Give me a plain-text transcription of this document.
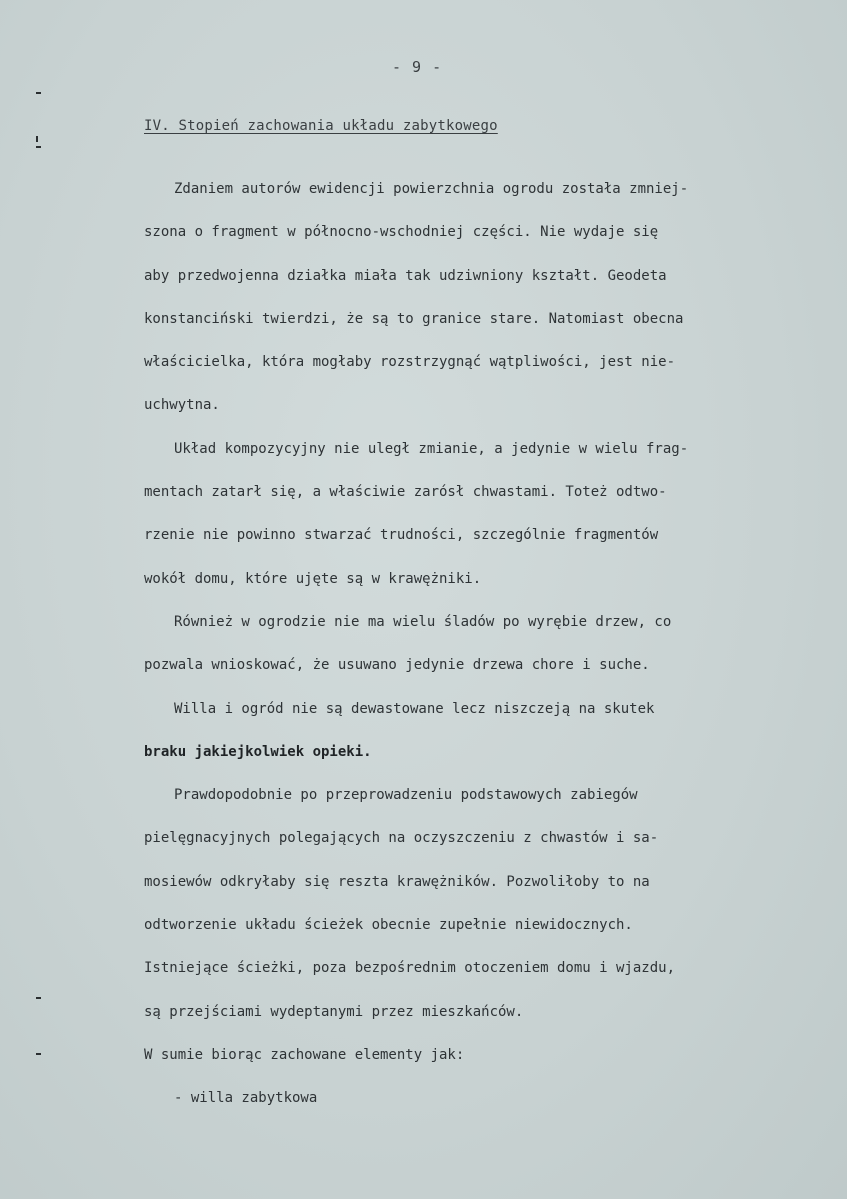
- 9 -
IV. Stopień zachowania układu zabytkowego
Zdaniem autorów ewidencji powierzchnia ogrodu została zmniej-
szona o fragment w północno-wschodniej części. Nie wydaje się
aby przedwojenna działka miała tak udziwniony kształt. Geodeta
konstanciński twierdzi, że są to granice stare. Natomiast obecna
właścicielka, która mogłaby rozstrzygnąć wątpliwości, jest nie-
uchwytna.
Układ kompozycyjny nie uległ zmianie, a jedynie w wielu frag-
mentach zatarł się, a właściwie zarósł chwastami. Toteż odtwo-
rzenie nie powinno stwarzać trudności, szczególnie fragmentów
wokół domu, które ujęte są w krawężniki.
Również w ogrodzie nie ma wielu śladów po wyrębie drzew, co
pozwala wnioskować, że usuwano jedynie drzewa chore i suche.
Willa i ogród nie są dewastowane lecz niszczeją na skutek
braku jakiejkolwiek opieki.
Prawdopodobnie po przeprowadzeniu podstawowych zabiegów
pielęgnacyjnych polegających na oczyszczeniu z chwastów i sa-
mosiewów odkryłaby się reszta krawężników. Pozwoliłoby to na
odtworzenie układu ścieżek obecnie zupełnie niewidocznych.
Istniejące ścieżki, poza bezpośrednim otoczeniem domu i wjazdu,
są przejściami wydeptanymi przez mieszkańców.
W sumie biorąc zachowane elementy jak:
- willa zabytkowa
